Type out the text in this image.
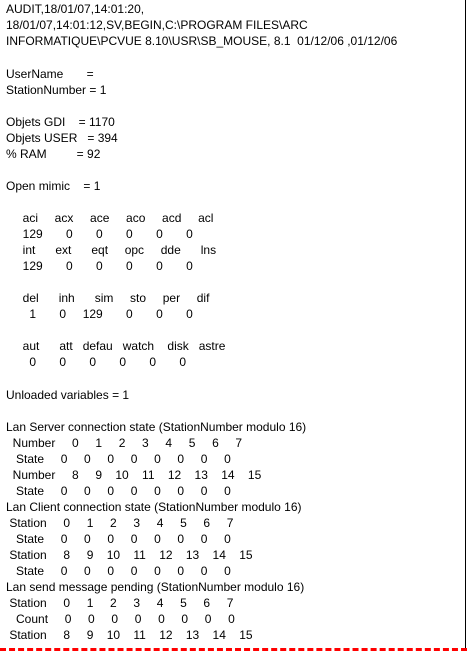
AUDIT,18/01/07,14:01:20,
18/01/07,14:01:12,SV,BEGIN,C:\PROGRAM FILES\ARC
INFORMATIQUE\PCVUE 8.10\USR\SB_MOUSE, 8.1  01/12/06 ,01/12/06
UserName       =
StationNumber = 1
Objets GDI    = 1170
Objets USER   = 394
% RAM         = 92
Open mimic    = 1
aci     acx     ace     aco     acd     acl
129       0       0       0       0       0
int      ext      eqt     opc     dde      lns
129       0       0       0       0       0
del      inh      sim     sto     per     dif
1       0     129       0       0       0
aut      att   defau   watch    disk   astre
0       0       0       0       0       0
Unloaded variables = 1
Lan Server connection state (StationNumber modulo 16)
Number     0     1     2     3     4     5     6     7
State     0     0     0     0     0     0     0     0
Number     8     9    10    11    12    13    14    15
State     0     0     0     0     0     0     0     0
Lan Client connection state (StationNumber modulo 16)
Station     0     1     2     3     4     5     6     7
State     0     0     0     0     0     0     0     0
Station     8     9    10    11    12    13    14    15
State     0     0     0     0     0     0     0     0
Lan send message pending (StationNumber modulo 16)
Station     0     1     2     3     4     5     6     7
Count     0     0     0     0     0     0     0     0
Station     8     9    10    11    12    13    14    15
